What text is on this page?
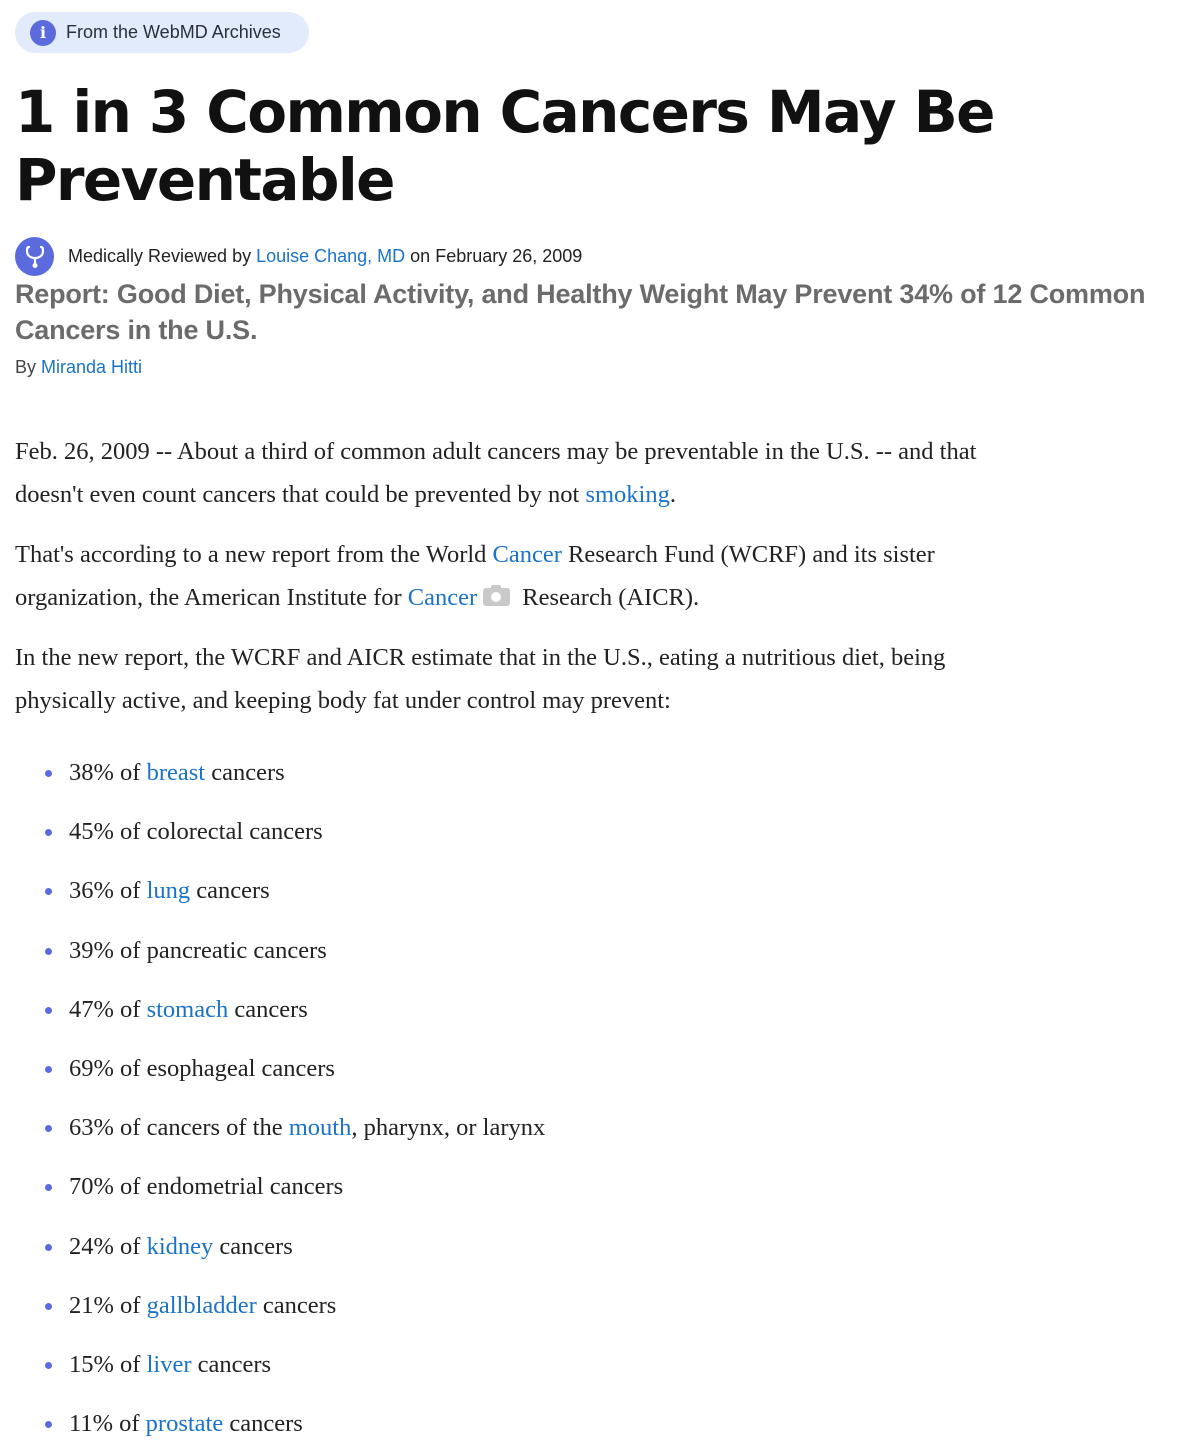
i	From the WebMD Archives
1 in 3 Common Cancers May Be Preventable
Medically Reviewed by Louise Chang, MD on February 26, 2009
Report: Good Diet, Physical Activity, and Healthy Weight May Prevent 34% of 12 Common Cancers in the U.S.
By Miranda Hitti

Feb. 26, 2009 -- About a third of common adult cancers may be preventable in the U.S. -- and that doesn't even count cancers that could be prevented by not smoking.

That's according to a new report from the World Cancer Research Fund (WCRF) and its sister organization, the American Institute for Cancer Research (AICR).

In the new report, the WCRF and AICR estimate that in the U.S., eating a nutritious diet, being physically active, and keeping body fat under control may prevent:

38% of breast cancers
45% of colorectal cancers
36% of lung cancers
39% of pancreatic cancers
47% of stomach cancers
69% of esophageal cancers
63% of cancers of the mouth, pharynx, or larynx
70% of endometrial cancers
24% of kidney cancers
21% of gallbladder cancers
15% of liver cancers
11% of prostate cancers
